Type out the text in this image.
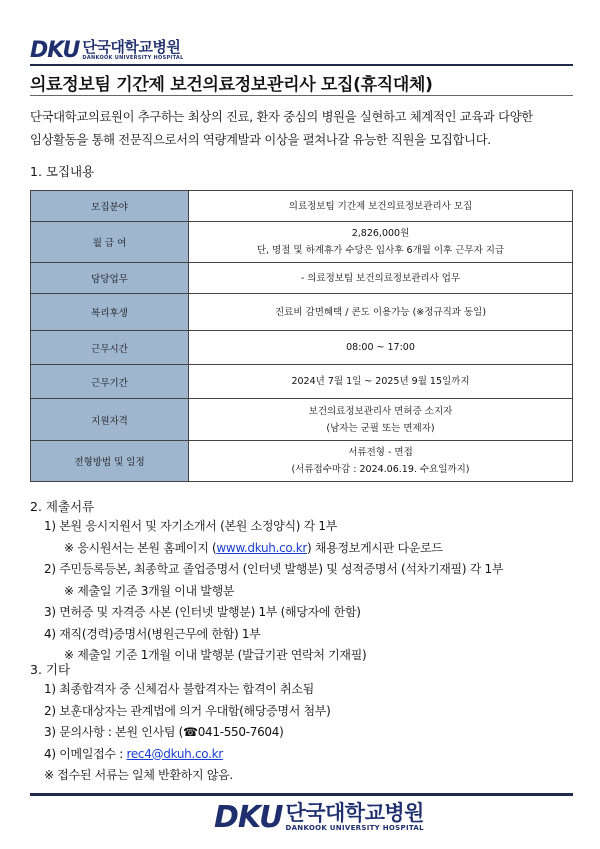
DKU 단국대학교병원
DANKOOK UNIVERSITY HOSPITAL
의료정보팀 기간제 보건의료정보관리사 모집(휴직대체)
단국대학교의료원이 추구하는 최상의 진료, 환자 중심의 병원을 실현하고 체계적인 교육과 다양한
임상활동을 통해 전문직으로서의 역량계발과 이상을 펼쳐나갈 유능한 직원을 모집합니다.
1. 모집내용
모집분야	의료정보팀 기간제 보건의료정보관리사 모집

월 급 여	2,826,000원
단, 명절 및 하계휴가 수당은 입사후 6개월 이후 근무자 지급

담당업무	- 의료정보팀 보건의료정보관리사 업무

복리후생	진료비 감면혜택 / 콘도 이용가능 (※정규직과 동일)

근무시간	08:00 ~ 17:00

근무기간	2024년 7월 1일 ~ 2025년 9월 15일까지

지원자격	보건의료정보관리사 면허증 소지자
(남자는 군필 또는 면제자)

전형방법 및 일정	서류전형 - 면접
(서류접수마감 : 2024.06.19. 수요일까지)
2. 제출서류
1) 본원 응시지원서 및 자기소개서 (본원 소정양식) 각 1부
※ 응시원서는 본원 홈페이지 (www.dkuh.co.kr) 채용정보게시판 다운로드
2) 주민등록등본, 최종학교 졸업증명서 (인터넷 발행분) 및 성적증명서 (석차기재필) 각 1부
※ 제출일 기준 3개월 이내 발행분
3) 면허증 및 자격증 사본 (인터넷 발행분) 1부 (해당자에 한함)
4) 재직(경력)증명서(병원근무에 한함) 1부
※ 제출일 기준 1개월 이내 발행분 (발급기관 연락처 기재필)
3. 기타
1) 최종합격자 중 신체검사 불합격자는 합격이 취소됨
2) 보훈대상자는 관계법에 의거 우대함(해당증명서 첨부)
3) 문의사항 : 본원 인사팀 (☎041-550-7604)
4) 이메일접수 : rec4@dkuh.co.kr
※ 접수된 서류는 일체 반환하지 않음.
DKU 단국대학교병원
DANKOOK UNIVERSITY HOSPITAL
